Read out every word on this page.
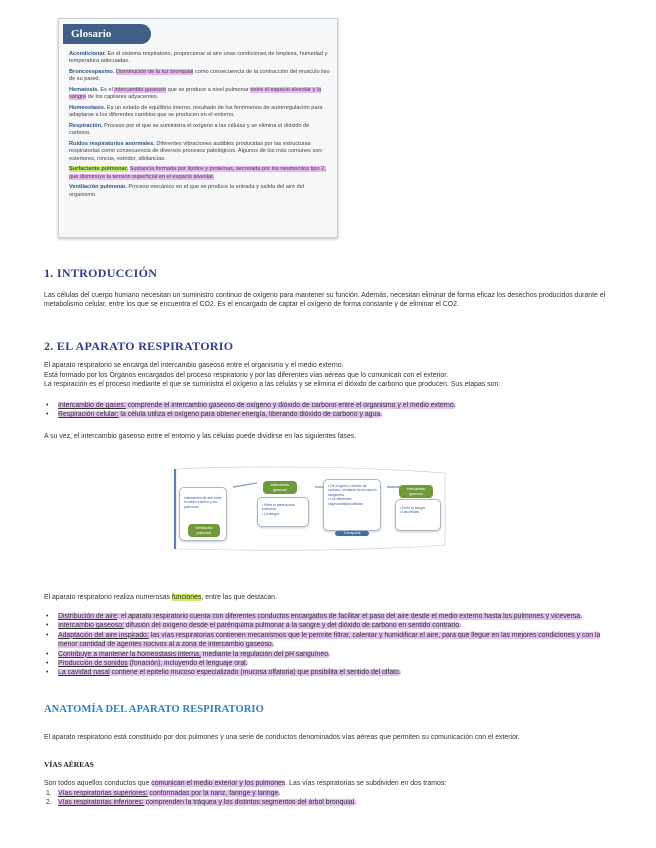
Glosario
Acondicionar. En el sistema respiratorio, proporcionar al aire unas condiciones de limpieza, humedad y temperatura adecuadas.
Broncoespasmo. Disminución de la luz bronquial como consecuencia de la contracción del musculo liso de su pared.
Hematosis. Es el intercambio gaseoso que se produce a nivel pulmonar entre el espacio alveolar y la sangre de los capilares adyacentes.
Homeostasis. Es un estado de equilibrio interno, resultado de los fenómenos de autorregulación para adaptarse a los diferentes cambios que se producen en el entorno.
Respiración. Proceso por el que se suministra el oxígeno a las células y se elimina el dióxido de carbono.
Ruidos respiratorios anormales. Diferentes vibraciones audibles producidas por las estructuras respiratorias como consecuencia de diversos procesos patológicos. Algunos de los más comunes son: estertores, roncus, estridor, sibilancias.
Surfactante pulmonar. Sustancia formada por lípidos y proteínas, secretada por los neumocitos tipo 2, que disminuye la tensión superficial en el espacio alveolar.
Ventilación pulmonar. Proceso mecánico en el que se produce la entrada y salida del aire del organismo.
1. INTRODUCCIÓN
Las células del cuerpo humano necesitan un suministro continuo de oxígeno para mantener su función. Además, necesitan eliminar de forma eficaz los desechos producidos durante el metabolismo celular, entre los que se encuentra el CO2. Es el encargado de captar el oxígeno de forma constante y de eliminar el CO2.
2. EL APARATO RESPIRATORIO
El aparato respiratorio se encarga del intercambio gaseoso entre el organismo y el medio externo.
Está formado por los Órganos encargados del proceso respiratorio y por las diferentes vías aéreas que lo comunican con el exterior.
La respiración es el proceso mediante el que se suministra el oxígeno a las células y se elimina el dióxido de carbono que producen. Sus etapas son:
• Intercambio de gases: comprende el intercambio gaseoso de oxígeno y dióxido de carbono entre el organismo y el medio externo.
• Respiración celular: la célula utiliza el oxígeno para obtener energía, liberando dióxido de carbono y agua.
A su vez, el intercambio gaseoso entre el entorno y las células puede dividirse en las siguientes fases.
Intercambio de aire entre el medio externo y los pulmones
Ventilación pulmonar
Intercambio gaseoso
• Entre el parénquima pulmonar
• La sangre
• De oxígeno y dióxido de carbono, mediante la circulación sanguínea
• Los diferentes órganos/tejidos/células
Transporte
Intercambio gaseoso
• Entre la sangre
• Las células
El aparato respiratorio realiza numerosas funciones, entre las que destacan.
• Distribución de aire: el aparato respiratorio cuenta con diferentes conductos encargados de facilitar el paso del aire desde el medio externo hasta los pulmones y viceversa.
• Intercambio gaseoso: difusión del oxígeno desde el parénquima pulmonar a la sangre y del dióxido de carbono en sentido contrario.
• Adaptación del aire inspirado: las vías respiratorias contienen mecanismos que le permite filtrar, calentar y humidificar el aire, para que llegue en las mejores condiciones y con la menor cantidad de agentes nocivos al a zona de intercambio gaseoso.
• Contribuye a mantener la homeostasis interna, mediante la regulación del pH sanguíneo.
• Producción de sonidos (fonación), incluyendo el lenguaje oral.
• La cavidad nasal contiene el epitelio mucoso especializado (mucosa olfatoria) que posibilita el sentido del olfato.
ANATOMÍA DEL APARATO RESPIRATORIO
El aparato respiratorio está constituido por dos pulmones y una serie de conductos denominados vías aéreas que permiten su comunicación con el exterior.
VÍAS AÉREAS
Son todos aquellos conductos que comunican el medio exterior y los pulmones. Las vías respiratorias se subdividen en dos tramos:
1. Vías respiratorias superiores: conformadas por la nariz, faringe y laringe.
2. Vías respiratorias inferiores: comprenden la tráquea y los distintos segmentos del árbol bronquial.
